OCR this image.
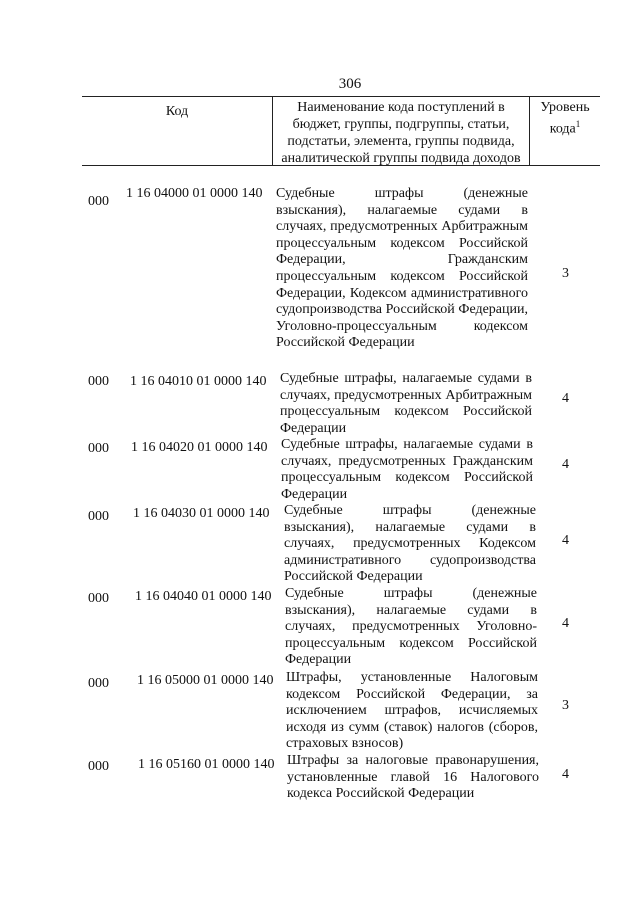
306
Код	Наименование кода поступлений в бюджет, группы, подгруппы, статьи, подстатьи, элемента, группы подвида, аналитической группы подвида доходов
Уровень кода$^1$
000
1 16 04000 01 0000 140 Судебные штрафы (денежные взыскания), налагаемые судами в случаях, предусмотренных Арбитражным процессуальным кодексом Российской Федерации, Гражданским процессуальным кодексом Российской Федерации, Кодексом административного судопроизводства Российской Федерации, Уголовно-процессуальным кодексом Российской Федерации
3
000 1 16 04010 01 0000 140 Судебные штрафы, налагаемые судами в случаях, предусмотренных Арбитражным процессуальным кодексом Российской Федерации
4
000 1 16 04020 01 0000 140 Судебные штрафы, налагаемые судами в случаях, предусмотренных Гражданским процессуальным кодексом Российской Федерации
4
000 1 16 04030 01 0000 140 Судебные штрафы (денежные взыскания), налагаемые судами в случаях, предусмотренных Кодексом административного судопроизводства Российской Федерации
4
000 1 16 04040 01 0000 140 Судебные штрафы (денежные взыскания), налагаемые судами в случаях, предусмотренных Уголовно-процессуальным кодексом Российской Федерации
4
000 1 16 05000 01 0000 140 Штрафы, установленные Налоговым кодексом Российской Федерации, за исключением штрафов, исчисляемых исходя из сумм (ставок) налогов (сборов, страховых взносов)
3
000 1 16 05160 01 0000 140 Штрафы за налоговые правонарушения, установленные главой 16 Налогового кодекса Российской Федерации
4
